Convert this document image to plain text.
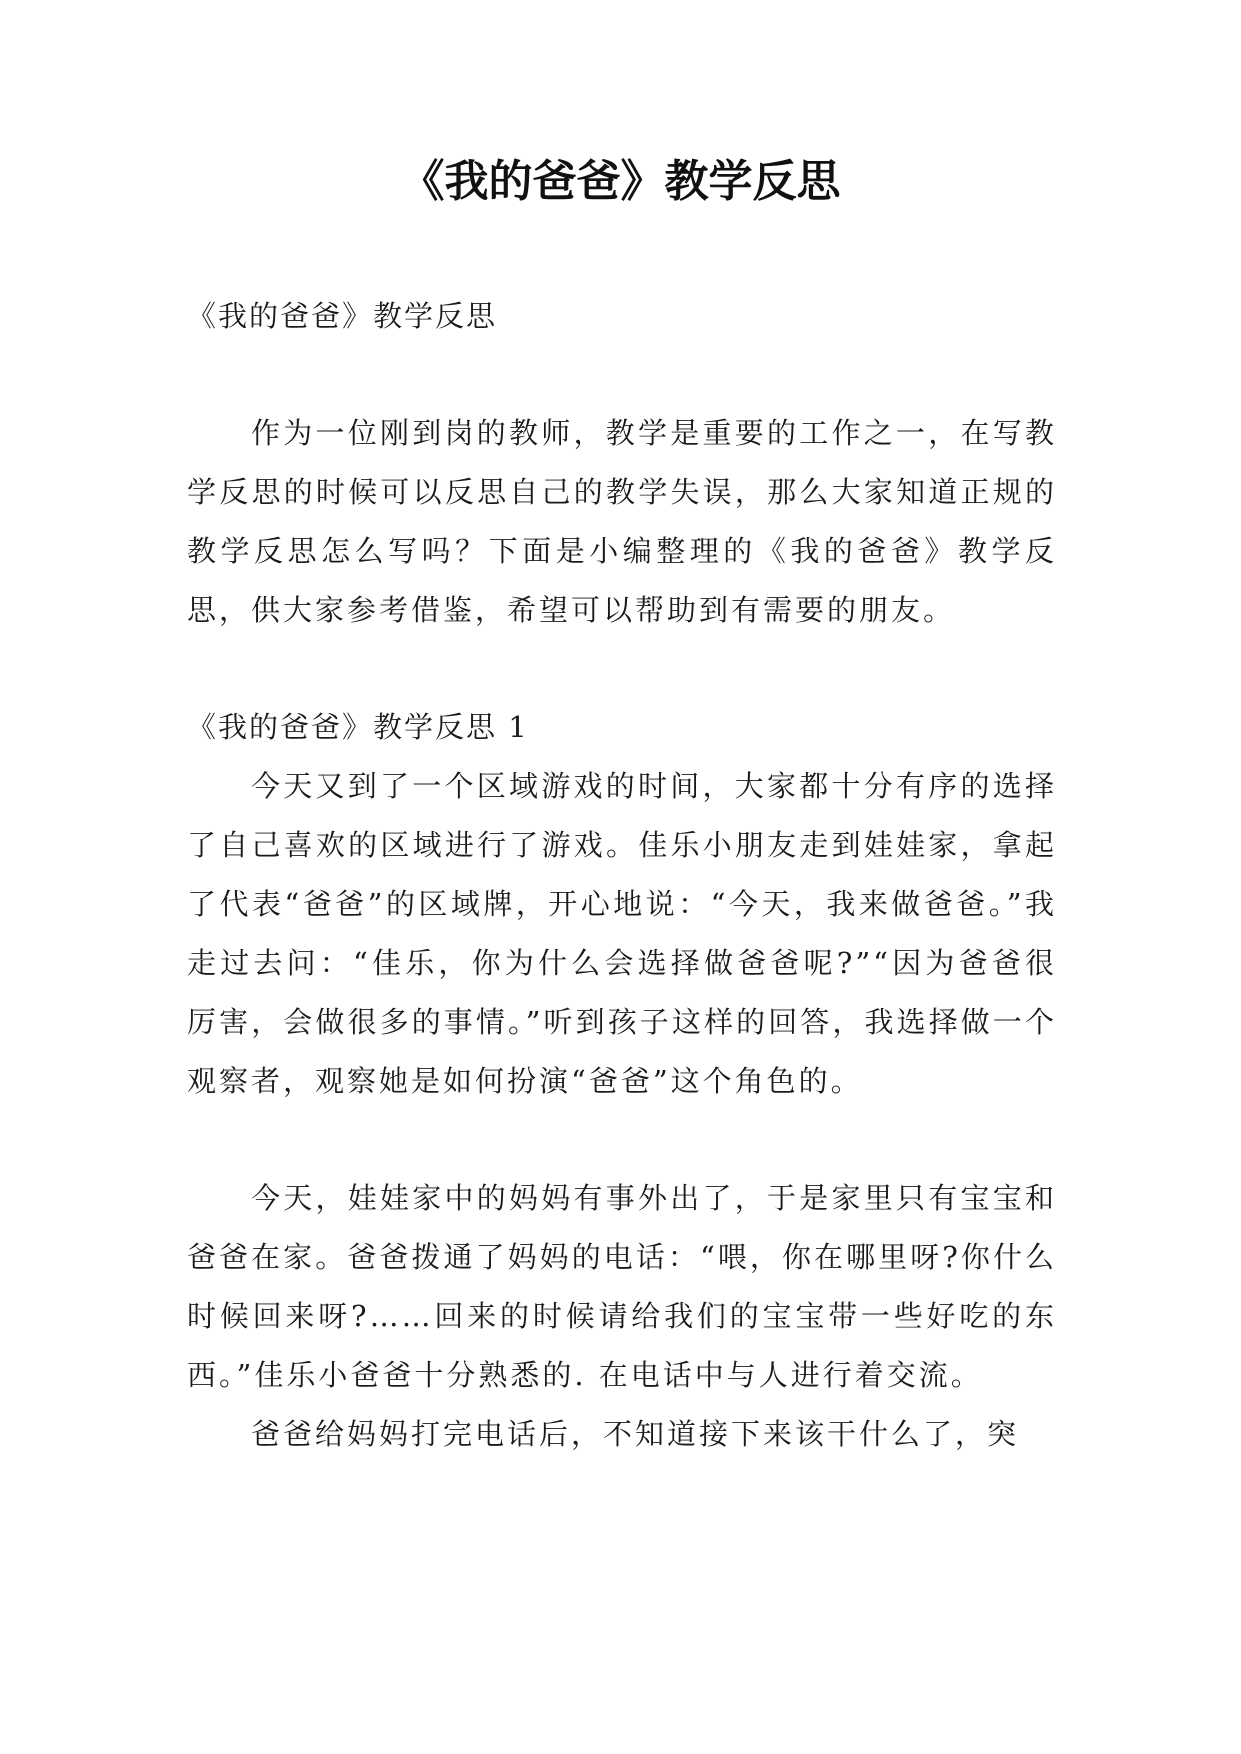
《我的爸爸》教学反思

《我的爸爸》教学反思

作为一位刚到岗的教师，教学是重要的工作之一，在写教学反思的时候可以反思自己的教学失误，那么大家知道正规的教学反思怎么写吗？下面是小编整理的《我的爸爸》教学反思，供大家参考借鉴，希望可以帮助到有需要的朋友。

《我的爸爸》教学反思 1

今天又到了一个区域游戏的时间，大家都十分有序的选择了自己喜欢的区域进行了游戏。佳乐小朋友走到娃娃家，拿起了代表“爸爸”的区域牌，开心地说：“今天，我来做爸爸。”我走过去问：“佳乐，你为什么会选择做爸爸呢?”“因为爸爸很厉害，会做很多的事情。”听到孩子这样的回答，我选择做一个观察者，观察她是如何扮演“爸爸”这个角色的。

今天，娃娃家中的妈妈有事外出了，于是家里只有宝宝和爸爸在家。爸爸拨通了妈妈的电话：“喂，你在哪里呀?你什么时候回来呀?……回来的时候请给我们的宝宝带一些好吃的东西。”佳乐小爸爸十分熟悉的. 在电话中与人进行着交流。

爸爸给妈妈打完电话后，不知道接下来该干什么了，突
